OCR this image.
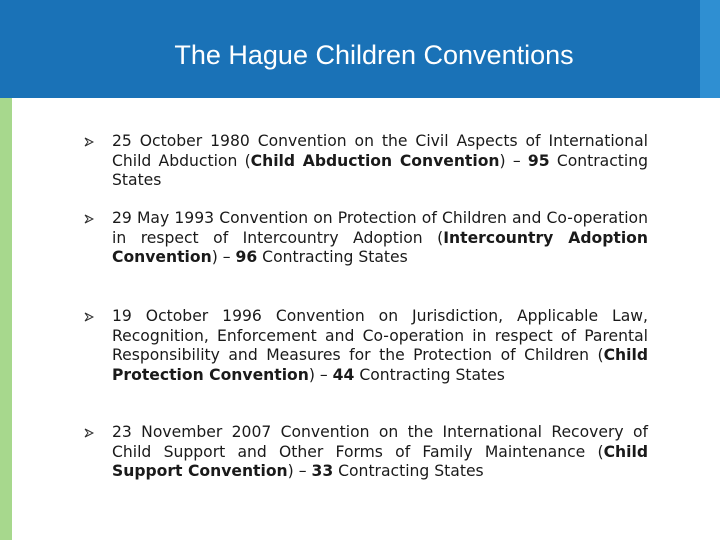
The Hague Children Conventions

25 October 1980 Convention on the Civil Aspects of International Child Abduction (Child Abduction Convention) – 95 Contracting States

29 May 1993 Convention on Protection of Children and Co-operation in respect of Intercountry Adoption (Intercountry Adoption Convention) – 96 Contracting States

19 October 1996 Convention on Jurisdiction, Applicable Law, Recognition, Enforcement and Co-operation in respect of Parental Responsibility and Measures for the Protection of Children (Child Protection Convention) – 44 Contracting States

23 November 2007 Convention on the International Recovery of Child Support and Other Forms of Family Maintenance (Child Support Convention) – 33 Contracting States
